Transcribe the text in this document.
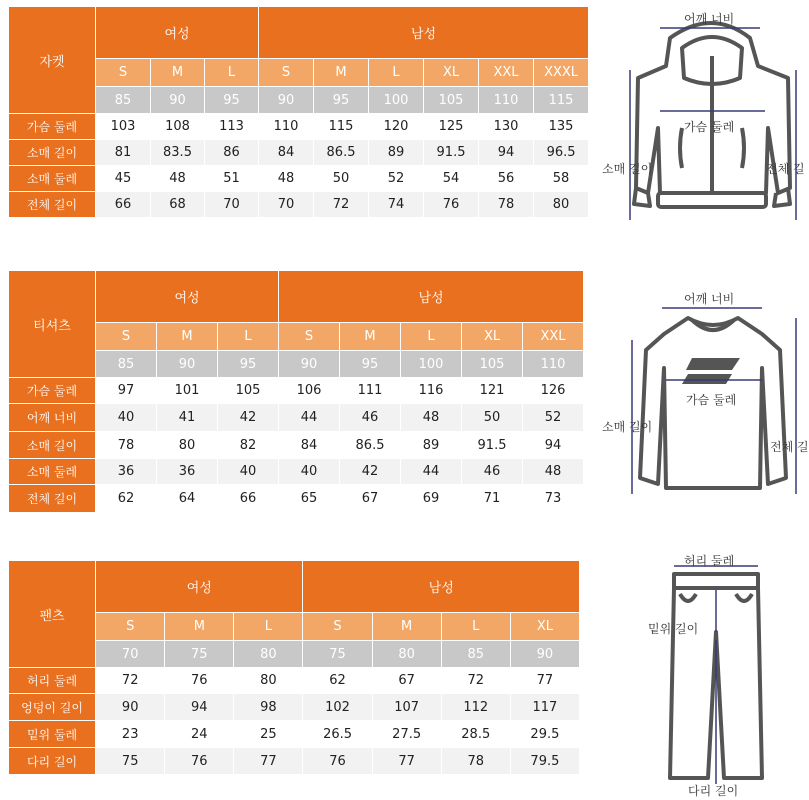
자켓	여성			남성					
	S	M	L	S	M	L	XL	XXL	XXXL
	85	90	95	90	95	100	105	110	115
가슴 둘레	103	108	113	110	115	120	125	130	135
소매 길이	81	83.5	86	84	86.5	89	91.5	94	96.5
소매 둘레	45	48	51	48	50	52	54	56	58
전체 길이	66	68	70	70	72	74	76	78	80
티셔츠	여성			남성				
	S	M	L	S	M	L	XL	XXL
	85	90	95	90	95	100	105	110
가슴 둘레	97	101	105	106	111	116	121	126
어깨 너비	40	41	42	44	46	48	50	52
소매 길이	78	80	82	84	86.5	89	91.5	94
소매 둘레	36	36	40	40	42	44	46	48
전체 길이	62	64	66	65	67	69	71	73
팬츠	여성			남성			
	S	M	L	S	M	L	XL
	70	75	80	75	80	85	90
허리 둘레	72	76	80	62	67	72	77
엉덩이 길이	90	94	98	102	107	112	117
밑위 둘레	23	24	25	26.5	27.5	28.5	29.5
다리 길이	75	76	77	76	77	78	79.5
어깨 너비
가슴 둘레
소매 길이	전체 길
어깨 너비
가슴 둘레
소매 길이
전체 길
허리 둘레
밑위 길이
다리 길이
